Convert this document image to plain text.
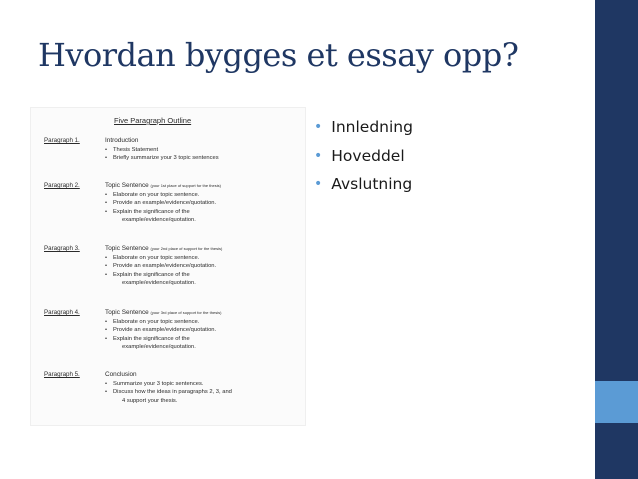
Hvordan bygges et essay opp?
Five Paragraph Outline
Paragraph 1.	Introduction
• Thesis Statement
• Briefly summarize your 3 topic sentences
Paragraph 2.	Topic Sentence (your 1st place of support for the thesis)
• Elaborate on your topic sentence.
• Provide an example/evidence/quotation.
• Explain the significance of the
example/evidence/quotation.
Paragraph 3.	Topic Sentence (your 2nd place of support for the thesis)
• Elaborate on your topic sentence.
• Provide an example/evidence/quotation.
• Explain the significance of the
example/evidence/quotation.
Paragraph 4.	Topic Sentence (your 3rd place of support for the thesis)
• Elaborate on your topic sentence.
• Provide an example/evidence/quotation.
• Explain the significance of the
example/evidence/quotation.
Paragraph 5.	Conclusion
• Summarize your 3 topic sentences.
• Discuss how the ideas in paragraphs 2, 3, and
4 support your thesis.
• Innledning
• Hoveddel
• Avslutning
